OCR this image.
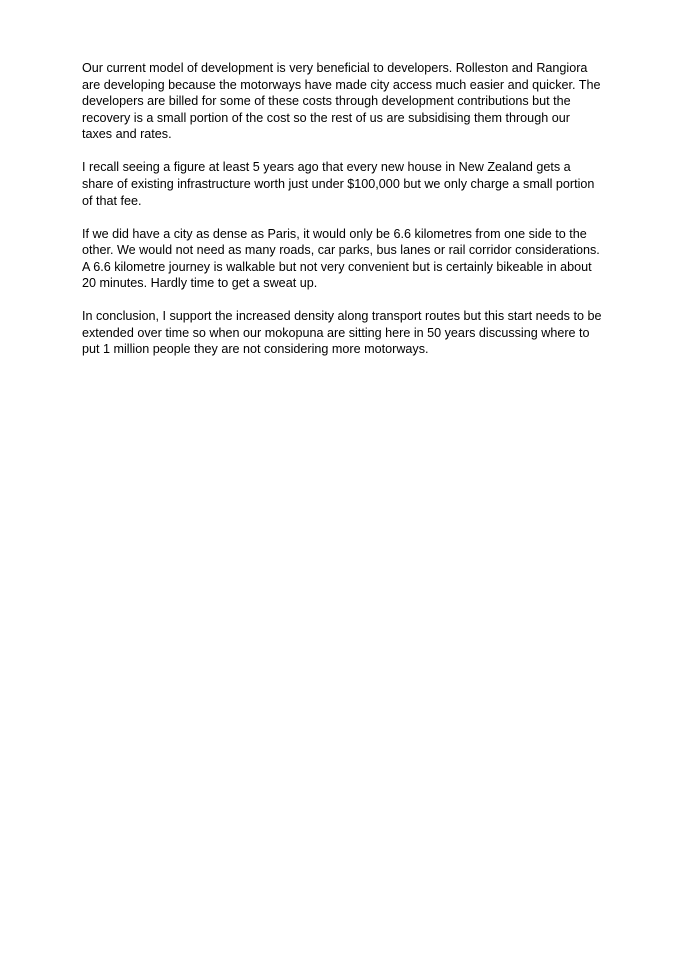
Our current model of development is very beneficial to developers. Rolleston and Rangiora are developing because the motorways have made city access much easier and quicker. The developers are billed for some of these costs through development contributions but the recovery is a small portion of the cost so the rest of us are subsidising them through our taxes and rates.

I recall seeing a figure at least 5 years ago that every new house in New Zealand gets a share of existing infrastructure worth just under $100,000 but we only charge a small portion of that fee.

If we did have a city as dense as Paris, it would only be 6.6 kilometres from one side to the other. We would not need as many roads, car parks, bus lanes or rail corridor considerations. A 6.6 kilometre journey is walkable but not very convenient but is certainly bikeable in about 20 minutes. Hardly time to get a sweat up.

In conclusion, I support the increased density along transport routes but this start needs to be extended over time so when our mokopuna are sitting here in 50 years discussing where to put 1 million people they are not considering more motorways.
